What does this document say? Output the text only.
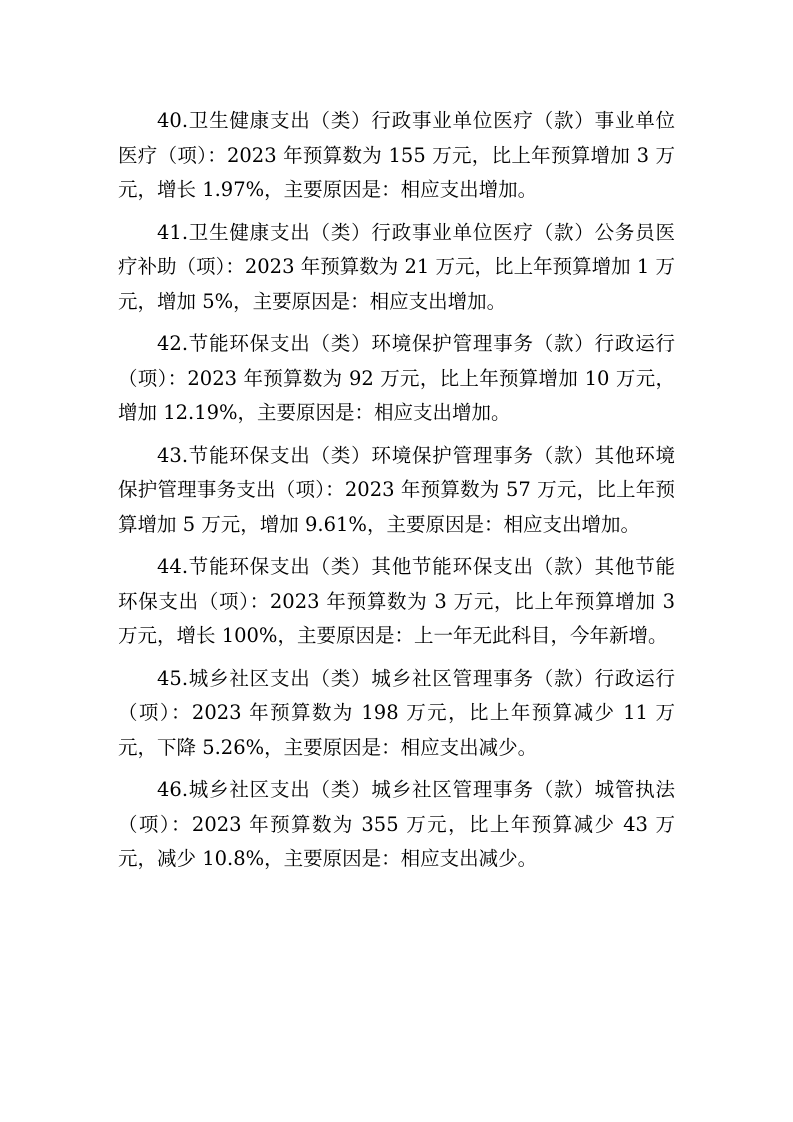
40.卫生健康支出（类）行政事业单位医疗（款）事业单位医疗（项）：2023 年预算数为 155 万元，比上年预算增加 3 万元，增长 1.97%，主要原因是：相应支出增加。

41.卫生健康支出（类）行政事业单位医疗（款）公务员医疗补助（项）：2023 年预算数为 21 万元，比上年预算增加 1 万元，增加 5%，主要原因是：相应支出增加。

42.节能环保支出（类）环境保护管理事务（款）行政运行（项）：2023 年预算数为 92 万元，比上年预算增加 10 万元，增加 12.19%，主要原因是：相应支出增加。

43.节能环保支出（类）环境保护管理事务（款）其他环境保护管理事务支出（项）：2023 年预算数为 57 万元，比上年预算增加 5 万元，增加 9.61%，主要原因是：相应支出增加。

44.节能环保支出（类）其他节能环保支出（款）其他节能环保支出（项）：2023 年预算数为 3 万元，比上年预算增加 3 万元，增长 100%，主要原因是：上一年无此科目，今年新增。

45.城乡社区支出（类）城乡社区管理事务（款）行政运行（项）：2023 年预算数为 198 万元，比上年预算减少 11 万元，下降 5.26%，主要原因是：相应支出减少。

46.城乡社区支出（类）城乡社区管理事务（款）城管执法（项）：2023 年预算数为 355 万元，比上年预算减少 43 万元，减少 10.8%，主要原因是：相应支出减少。
